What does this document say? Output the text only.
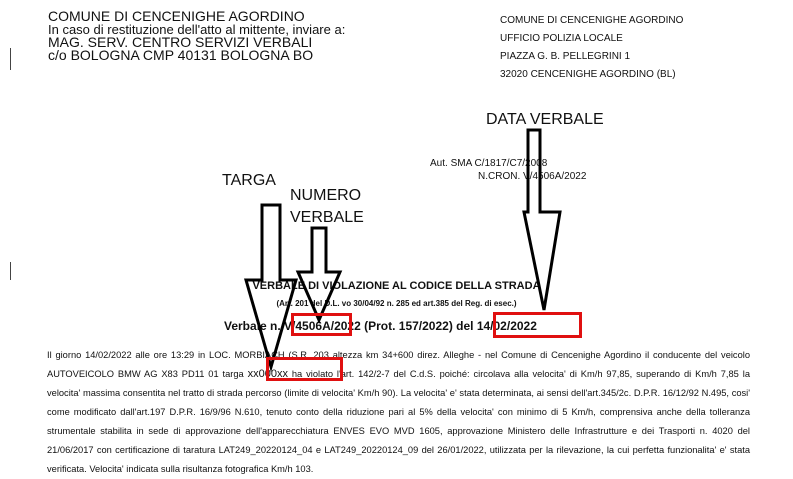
COMUNE DI CENCENIGHE AGORDINO
In caso di restituzione dell'atto al mittente, inviare a:
MAG. SERV. CENTRO SERVIZI VERBALI
c/o BOLOGNA CMP 40131 BOLOGNA BO
COMUNE DI CENCENIGHE AGORDINO
UFFICIO POLIZIA LOCALE
PIAZZA G. B. PELLEGRINI 1
32020 CENCENIGHE AGORDINO (BL)
Aut. SMA C/1817/C7/2008
N.CRON. V/4506A/2022
VERBALE DI VIOLAZIONE AL CODICE DELLA STRADA
(Art. 201 del D.L. vo 30/04/92 n. 285 ed art.385 del Reg. di esec.)
Verbale n. V/4506A/2022 (Prot. 157/2022) del 14/02/2022
Il giorno 14/02/2022 alle ore 13:29 in LOC. MORBIACH (S.R. 203 altezza km 34+600 direz. Alleghe - nel Comune di Cencenighe Agordino il conducente del veicolo AUTOVEICOLO BMW AG X83 PD11 01 targa xx000xx ha violato l'art. 142/2-7 del C.d.S. poiché: circolava alla velocita' di Km/h 97,85, superando di Km/h 7,85 la velocita' massima consentita nel tratto di strada percorso (limite di velocita' Km/h 90). La velocita' e' stata determinata, ai sensi dell'art.345/2c. D.P.R. 16/12/92 N.495, cosi' come modificato dall'art.197 D.P.R. 16/9/96 N.610, tenuto conto della riduzione pari al 5% della velocita' con minimo di 5 Km/h, comprensiva anche della tolleranza strumentale stabilita in sede di approvazione dell'apparecchiatura ENVES EVO MVD 1605, approvazione Ministero delle Infrastrutture e dei Trasporti n. 4020 del 21/06/2017 con certificazione di taratura LAT249_20220124_04 e LAT249_20220124_09 del 26/01/2022, utilizzata per la rilevazione, la cui perfetta funzionalita' e' stata verificata. Velocita' indicata sulla risultanza fotografica Km/h 103.
DATA VERBALE
TARGA
NUMERO VERBALE
